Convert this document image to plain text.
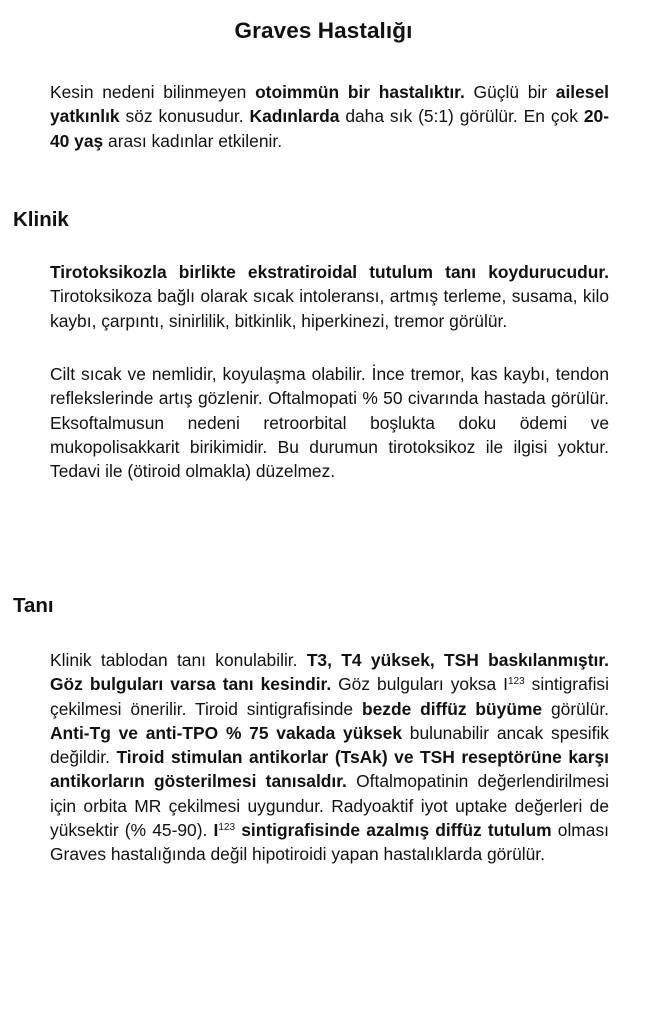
Graves Hastalığı
Kesin nedeni bilinmeyen otoimmün bir hastalıktır. Güçlü bir ailesel yatkınlık söz konusudur. Kadınlarda daha sık (5:1) görülür. En çok 20-40 yaş arası kadınlar etkilenir.
Klinik
Tirotoksikozla birlikte ekstratiroidal tutulum tanı koydurucudur. Tirotoksikoza bağlı olarak sıcak intoleransı, artmış terleme, susama, kilo kaybı, çarpıntı, sinirlilik, bitkinlik, hiperkinezi, tremor görülür.
Cilt sıcak ve nemlidir, koyulaşma olabilir. İnce tremor, kas kaybı, tendon reflekslerinde artış gözlenir. Oftalmopati % 50 civarında hastada görülür. Eksoftalmusun nedeni retroorbital boşlukta doku ödemi ve mukopolisakkarit birikimidir. Bu durumun tirotoksikoz ile ilgisi yoktur. Tedavi ile (ötiroid olmakla) düzelmez.
Tanı
Klinik tablodan tanı konulabilir. T3, T4 yüksek, TSH baskılanmıştır. Göz bulguları varsa tanı kesindir. Göz bulguları yoksa $I^{123}$ sintigrafisi çekilmesi önerilir. Tiroid sintigrafisinde bezde diffüz büyüme görülür. Anti-Tg ve anti-TPO % 75 vakada yüksek bulunabilir ancak spesifik değildir. Tiroid stimulan antikorlar (TsAk) ve TSH reseptörüne karşı antikorların gösterilmesi tanısaldır. Oftalmopatinin değerlendirilmesi için orbita MR çekilmesi uygundur. Radyoaktif iyot uptake değerleri de yüksektir (% 45-90). $I^{123}$ sintigrafisinde azalmış diffüz tutulum olması Graves hastalığında değil hipotiroidi yapan hastalıklarda görülür.
